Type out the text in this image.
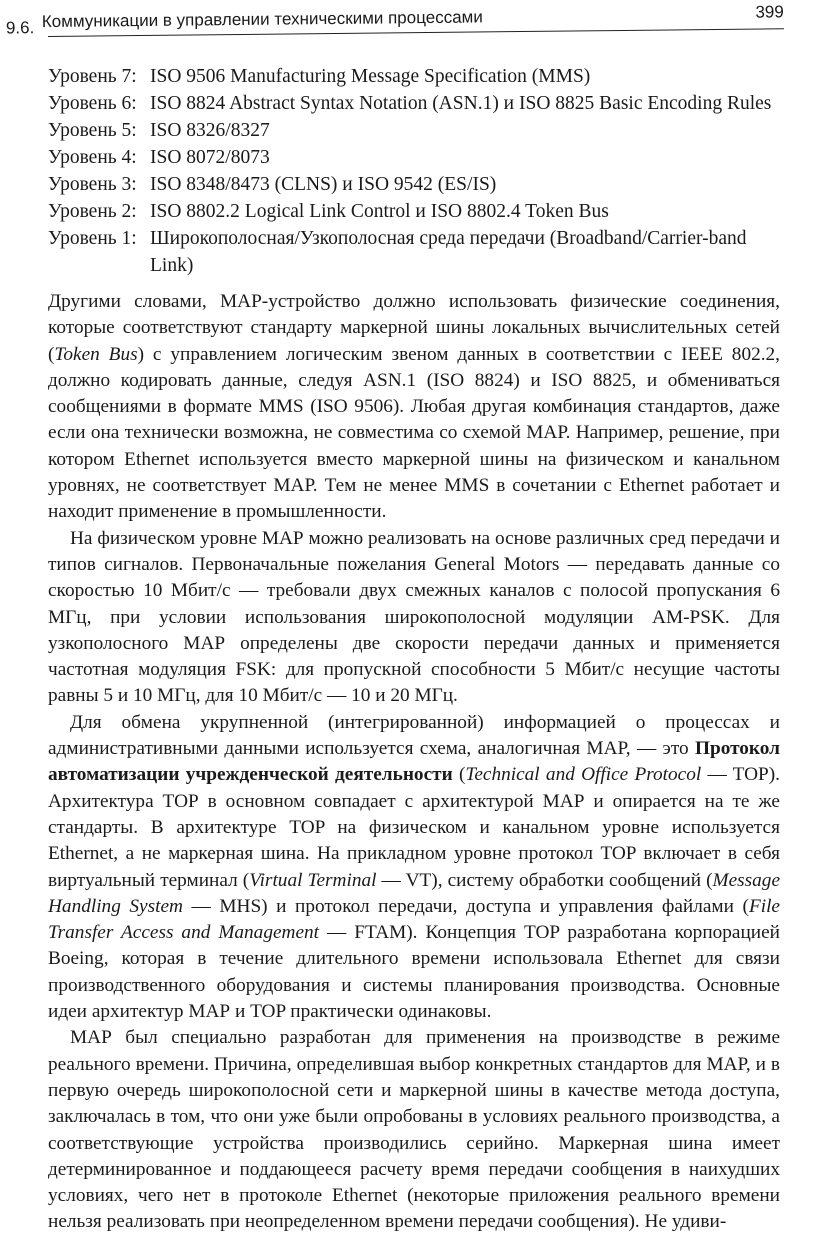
9.6. Коммуникации в управлении техническими процессами	399
Уровень 7: ISO 9506 Manufacturing Message Specification (MMS)
Уровень 6: ISO 8824 Abstract Syntax Notation (ASN.1) и ISO 8825 Basic Encoding Rules
Уровень 5: ISO 8326/8327
Уровень 4: ISO 8072/8073
Уровень 3: ISO 8348/8473 (CLNS) и ISO 9542 (ES/IS)
Уровень 2: ISO 8802.2 Logical Link Control и ISO 8802.4 Token Bus
Уровень 1: Широкополосная/Узкополосная среда передачи (Broadband/Carrier-band Link)

Другими словами, МАР-устройство должно использовать физические соединения, которые соответствуют стандарту маркерной шины локальных вычислительных сетей (Token Bus) с управлением логическим звеном данных в соответствии с IEEE 802.2, должно кодировать данные, следуя ASN.1 (ISO 8824) и ISO 8825, и обмениваться сообщениями в формате MMS (ISO 9506). Любая другая комбинация стандартов, даже если она технически возможна, не совместима со схемой МАР. Например, решение, при котором Ethernet используется вместо маркерной шины на физическом и канальном уровнях, не соответствует МАР. Тем не менее MMS в сочетании с Ethernet работает и находит применение в промышленности.

На физическом уровне МАР можно реализовать на основе различных сред передачи и типов сигналов. Первоначальные пожелания General Motors — передавать данные со скоростью 10 Мбит/с — требовали двух смежных каналов с полосой пропускания 6 МГц, при условии использования широкополосной модуляции AM-PSK. Для узкополосного МАР определены две скорости передачи данных и применяется частотная модуляция FSK: для пропускной способности 5 Мбит/с несущие частоты равны 5 и 10 МГц, для 10 Мбит/с — 10 и 20 МГц.

Для обмена укрупненной (интегрированной) информацией о процессах и административными данными используется схема, аналогичная МАР, — это Протокол автоматизации учрежденческой деятельности (Technical and Office Protocol — TOP). Архитектура ТОР в основном совпадает с архитектурой МАР и опирается на те же стандарты. В архитектуре TOP на физическом и канальном уровне используется Ethernet, а не маркерная шина. На прикладном уровне протокол TOP включает в себя виртуальный терминал (Virtual Terminal — VT), систему обработки сообщений (Message Handling System — MHS) и протокол передачи, доступа и управления файлами (File Transfer Access and Management — FTAM). Концепция TOP разработана корпорацией Boeing, которая в течение длительного времени использовала Ethernet для связи производственного оборудования и системы планирования производства. Основные идеи архитектур МАР и TOP практически одинаковы.

МАР был специально разработан для применения на производстве в режиме реального времени. Причина, определившая выбор конкретных стандартов для МАР, и в первую очередь широкополосной сети и маркерной шины в качестве метода доступа, заключалась в том, что они уже были опробованы в условиях реального производства, а соответствующие устройства производились серийно. Маркерная шина имеет детерминированное и поддающееся расчету время передачи сообщения в наихудших условиях, чего нет в протоколе Ethernet (некоторые приложения реального времени нельзя реализовать при неопределенном времени передачи сообщения). Не удиви-
